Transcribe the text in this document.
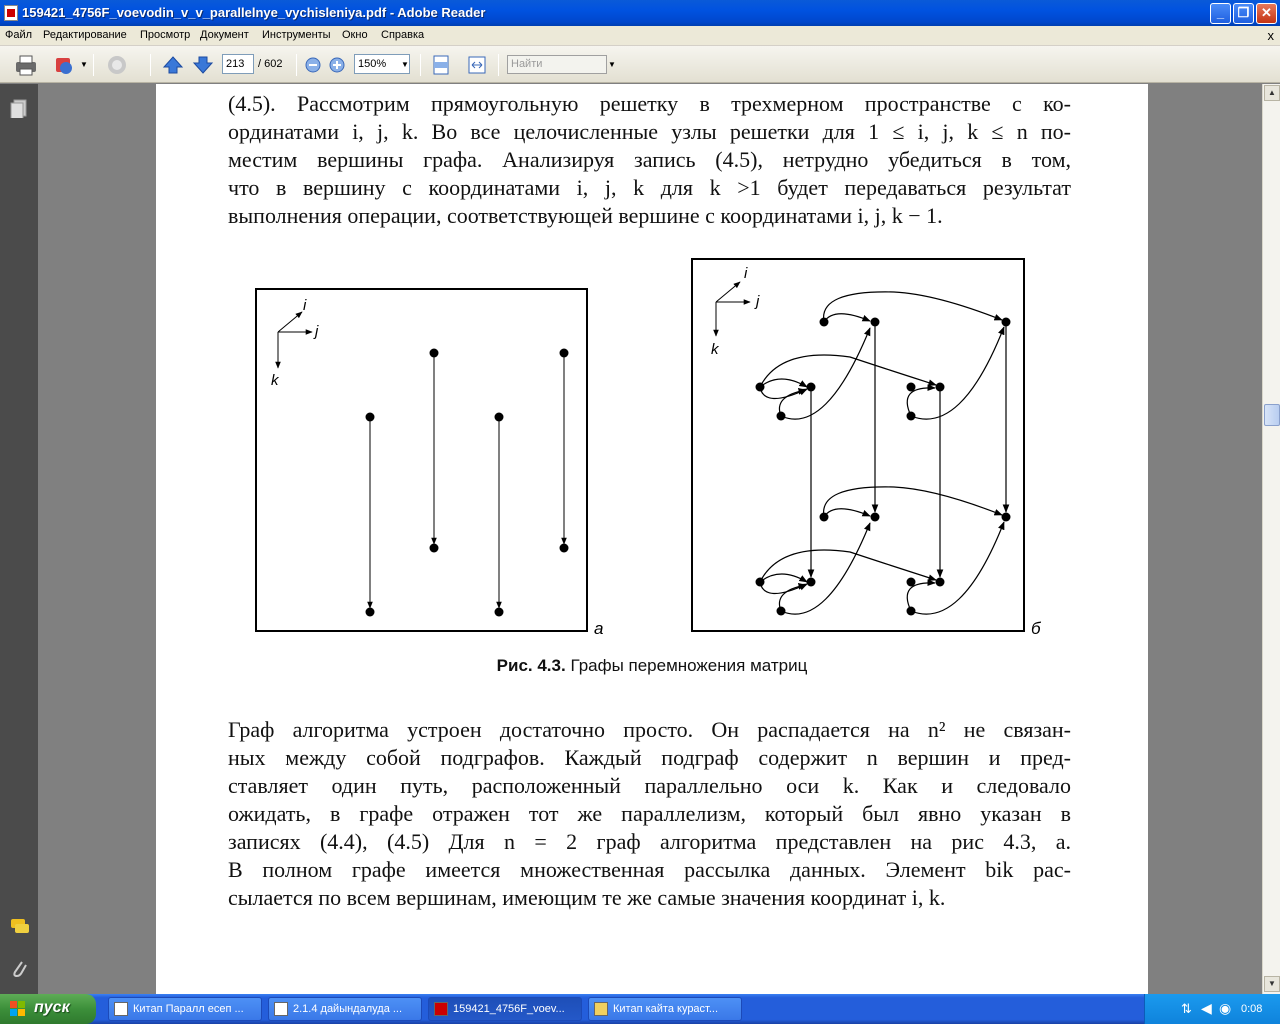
159421_4756F_voevodin_v_v_parallelnye_vychisleniya.pdf - Adobe Reader	_	❐ ✕
Файл Редактирование Просмотр Документ Инструменты Окно Справка	x
▼	213	/ 602	150%	▼	Найти	▼
(4.5). Рассмотрим прямоугольную решетку в трехмерном пространстве с ко-
ординатами i, j, k. Во все целочисленные узлы решетки для 1 ≤ i, j, k ≤ n по-
местим вершины графа. Анализируя запись (4.5), нетрудно убедиться в том,
что в вершину с координатами i, j, k для k >1 будет передаваться результат
выполнения операции, соответствующей вершине с координатами i, j, k − 1.
i
j
k
а
i
j
k
б
Рис. 4.3. Графы перемножения матриц
Граф алгоритма устроен достаточно просто. Он распадается на n² не связан-
ных между собой подграфов. Каждый подграф содержит n вершин и пред-
ставляет один путь, расположенный параллельно оси k. Как и следовало
ожидать, в графе отражен тот же параллелизм, который был явно указан в
записях (4.4), (4.5) Для n = 2 граф алгоритма представлен на рис 4.3, а.
В полном графе имеется множественная рассылка данных. Элемент bik рас-
сылается по всем вершинам, имеющим те же самые значения координат i, k.
▲
▼
пуск	Китап Паралл есеп ...	2.1.4 дайындалуда ...	159421_4756F_voev...	Китап кайта кураст...	⇅ ◀ ◉ 0:08
